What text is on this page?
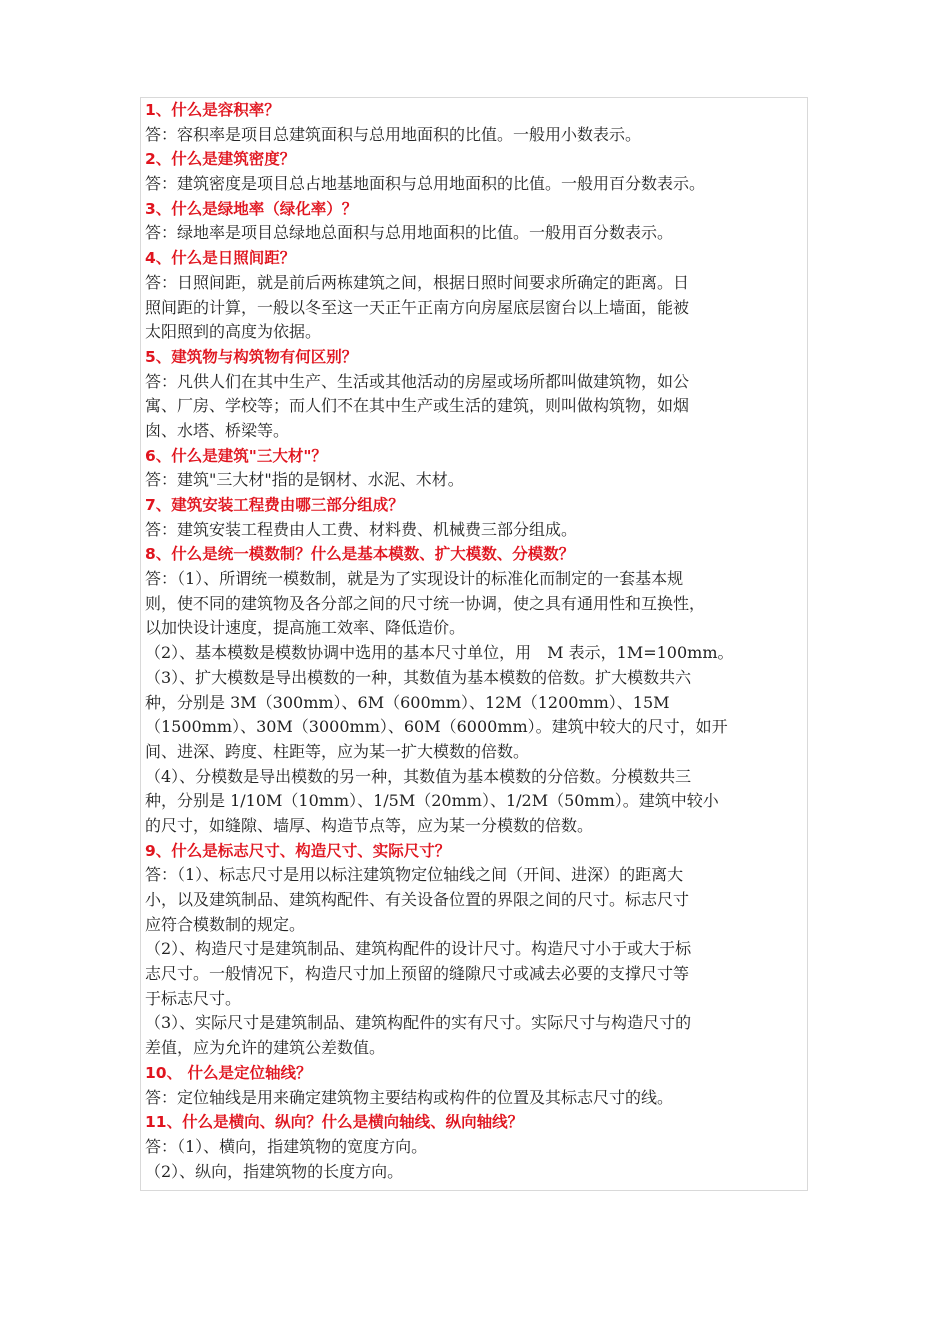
1、什么是容积率？
答：容积率是项目总建筑面积与总用地面积的比值。一般用小数表示。
2、什么是建筑密度？
答：建筑密度是项目总占地基地面积与总用地面积的比值。一般用百分数表示。
3、什么是绿地率（绿化率）？
答：绿地率是项目总绿地总面积与总用地面积的比值。一般用百分数表示。
4、什么是日照间距？
答：日照间距，就是前后两栋建筑之间，根据日照时间要求所确定的距离。日
照间距的计算，一般以冬至这一天正午正南方向房屋底层窗台以上墙面，能被
太阳照到的高度为依据。
5、建筑物与构筑物有何区别？
答：凡供人们在其中生产、生活或其他活动的房屋或场所都叫做建筑物，如公
寓、厂房、学校等；而人们不在其中生产或生活的建筑，则叫做构筑物，如烟
囱、水塔、桥梁等。
6、什么是建筑"三大材"？
答：建筑"三大材"指的是钢材、水泥、木材。
7、建筑安装工程费由哪三部分组成？
答：建筑安装工程费由人工费、材料费、机械费三部分组成。
8、什么是统一模数制？什么是基本模数、扩大模数、分模数？
答：（1）、所谓统一模数制，就是为了实现设计的标准化而制定的一套基本规
则，使不同的建筑物及各分部之间的尺寸统一协调，使之具有通用性和互换性，
以加快设计速度，提高施工效率、降低造价。
（2）、基本模数是模数协调中选用的基本尺寸单位，用　M 表示，1M=100mm。
（3）、扩大模数是导出模数的一种，其数值为基本模数的倍数。扩大模数共六
种，分别是 3M（300mm）、6M（600mm）、12M（1200mm）、15M
（1500mm）、30M（3000mm）、60M（6000mm）。建筑中较大的尺寸，如开
间、进深、跨度、柱距等，应为某一扩大模数的倍数。
（4）、分模数是导出模数的另一种，其数值为基本模数的分倍数。分模数共三
种，分别是 1/10M（10mm）、1/5M（20mm）、1/2M（50mm）。建筑中较小
的尺寸，如缝隙、墙厚、构造节点等，应为某一分模数的倍数。
9、什么是标志尺寸、构造尺寸、实际尺寸？
答：（1）、标志尺寸是用以标注建筑物定位轴线之间（开间、进深）的距离大
小，以及建筑制品、建筑构配件、有关设备位置的界限之间的尺寸。标志尺寸
应符合模数制的规定。
（2）、构造尺寸是建筑制品、建筑构配件的设计尺寸。构造尺寸小于或大于标
志尺寸。一般情况下，构造尺寸加上预留的缝隙尺寸或减去必要的支撑尺寸等
于标志尺寸。
（3）、实际尺寸是建筑制品、建筑构配件的实有尺寸。实际尺寸与构造尺寸的
差值，应为允许的建筑公差数值。
10、 什么是定位轴线？
答：定位轴线是用来确定建筑物主要结构或构件的位置及其标志尺寸的线。
11、什么是横向、纵向？什么是横向轴线、纵向轴线？
答：（1）、横向，指建筑物的宽度方向。
（2）、纵向，指建筑物的长度方向。
